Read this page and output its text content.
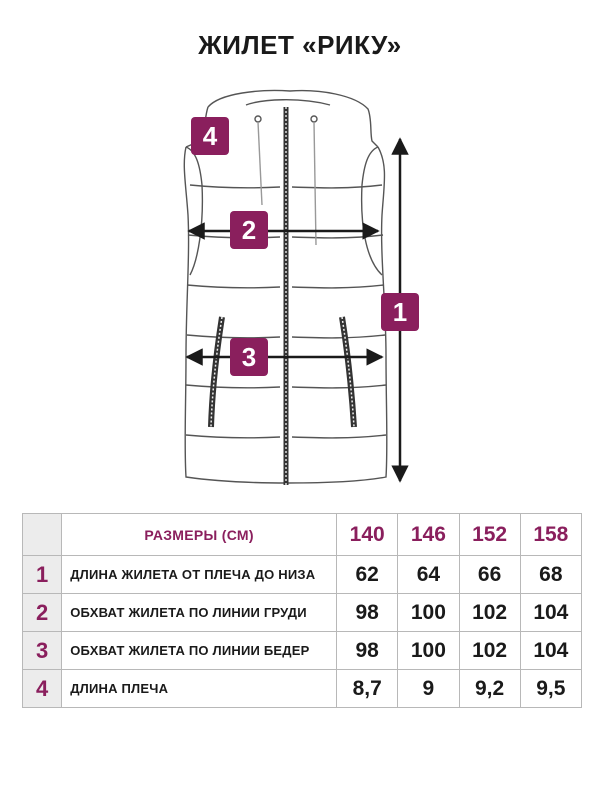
ЖИЛЕТ «РИКУ»
4
2
3
1
	РАЗМЕРЫ (СМ)	140	146	152	158
1	ДЛИНА ЖИЛЕТА ОТ ПЛЕЧА ДО НИЗА	62	64	66	68
2	ОБХВАТ ЖИЛЕТА ПО ЛИНИИ ГРУДИ	98	100	102	104
3	ОБХВАТ ЖИЛЕТА ПО ЛИНИИ БЕДЕР	98	100	102	104
4	ДЛИНА ПЛЕЧА	8,7	9	9,2	9,5
